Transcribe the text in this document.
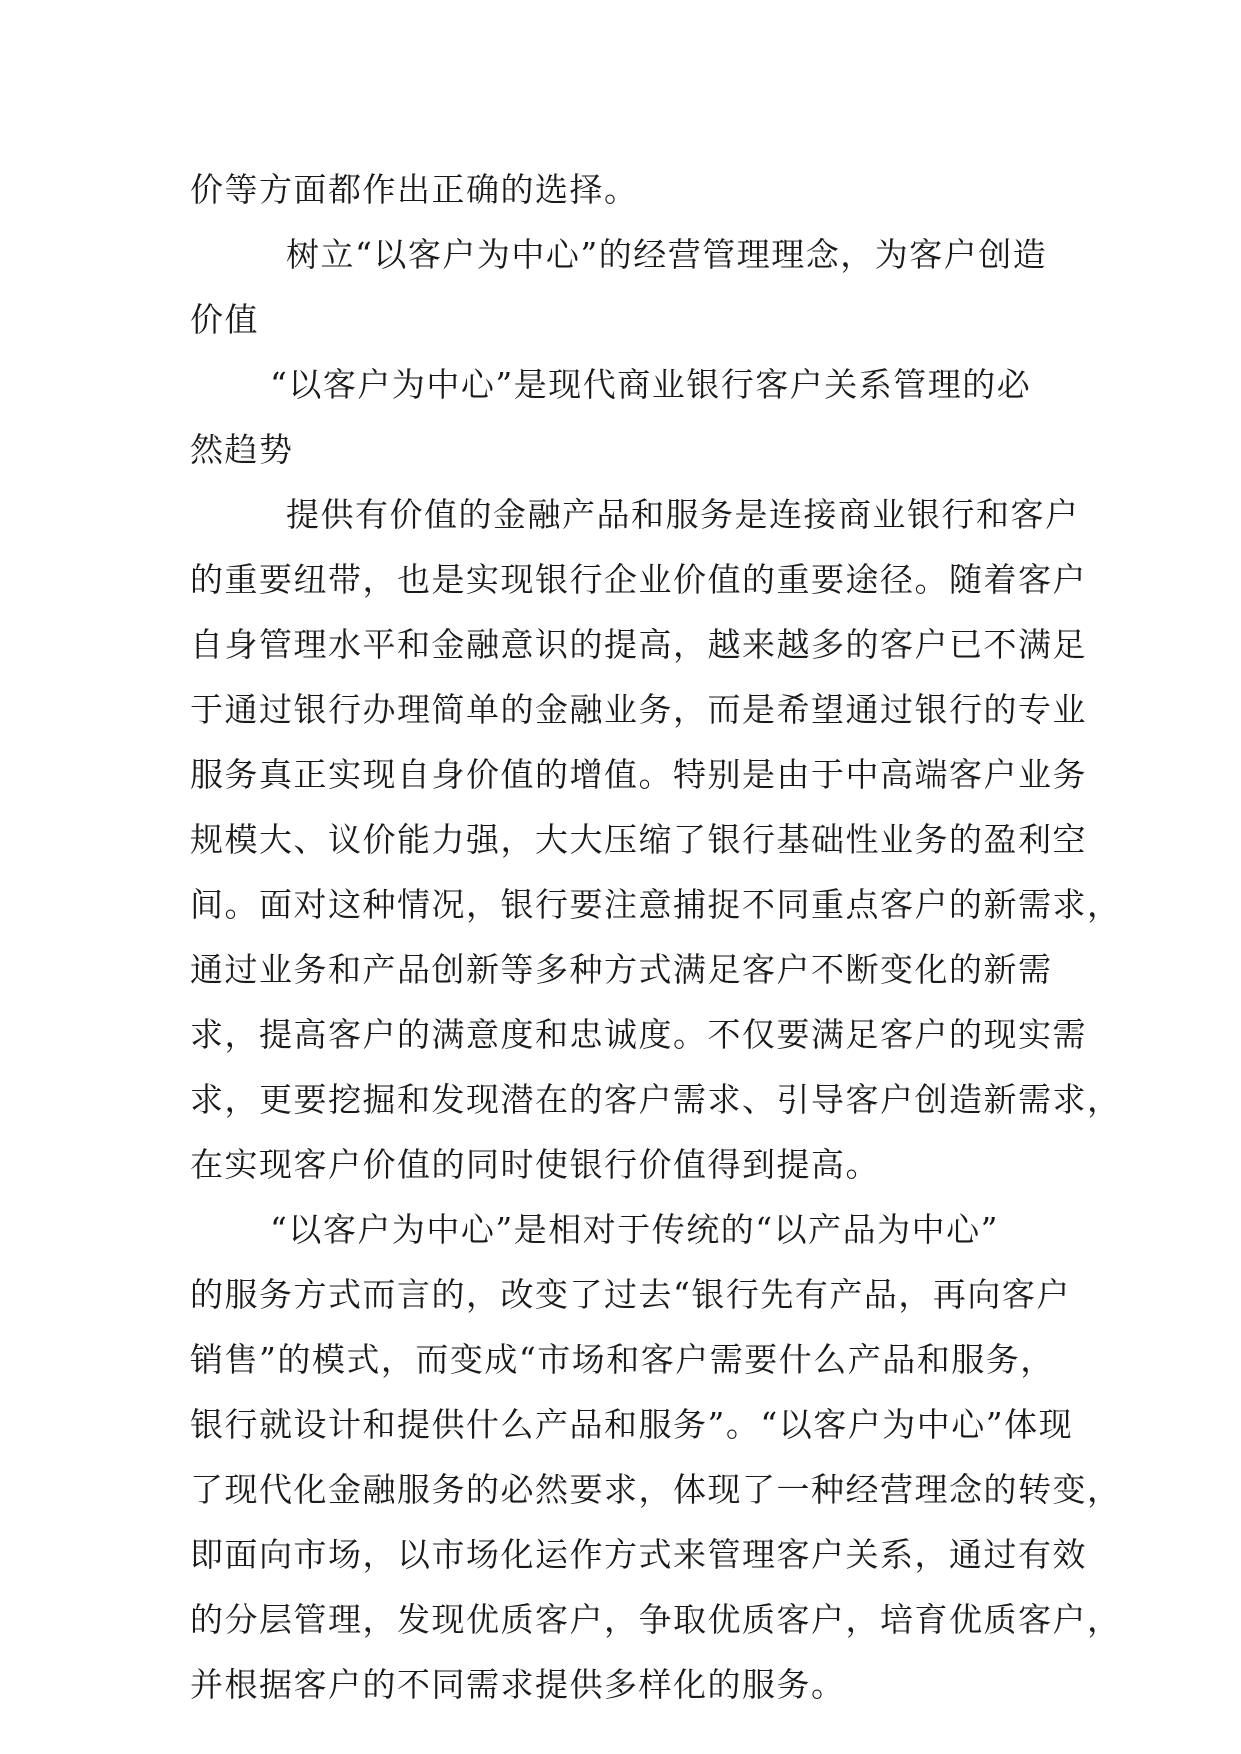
价等方面都作出正确的选择。
树立“以客户为中心”的经营管理理念，为客户创造
价值
“以客户为中心”是现代商业银行客户关系管理的必
然趋势
提供有价值的金融产品和服务是连接商业银行和客户
的重要纽带，也是实现银行企业价值的重要途径。随着客户
自身管理水平和金融意识的提高，越来越多的客户已不满足
于通过银行办理简单的金融业务，而是希望通过银行的专业
服务真正实现自身价值的增值。特别是由于中高端客户业务
规模大、议价能力强，大大压缩了银行基础性业务的盈利空
间。面对这种情况，银行要注意捕捉不同重点客户的新需求，
通过业务和产品创新等多种方式满足客户不断变化的新需
求，提高客户的满意度和忠诚度。不仅要满足客户的现实需
求，更要挖掘和发现潜在的客户需求、引导客户创造新需求，
在实现客户价值的同时使银行价值得到提高。
“以客户为中心”是相对于传统的“以产品为中心”
的服务方式而言的，改变了过去“银行先有产品，再向客户
销售”的模式，而变成“市场和客户需要什么产品和服务，
银行就设计和提供什么产品和服务”。“以客户为中心”体现
了现代化金融服务的必然要求，体现了一种经营理念的转变，
即面向市场，以市场化运作方式来管理客户关系，通过有效
的分层管理，发现优质客户，争取优质客户，培育优质客户，
并根据客户的不同需求提供多样化的服务。
